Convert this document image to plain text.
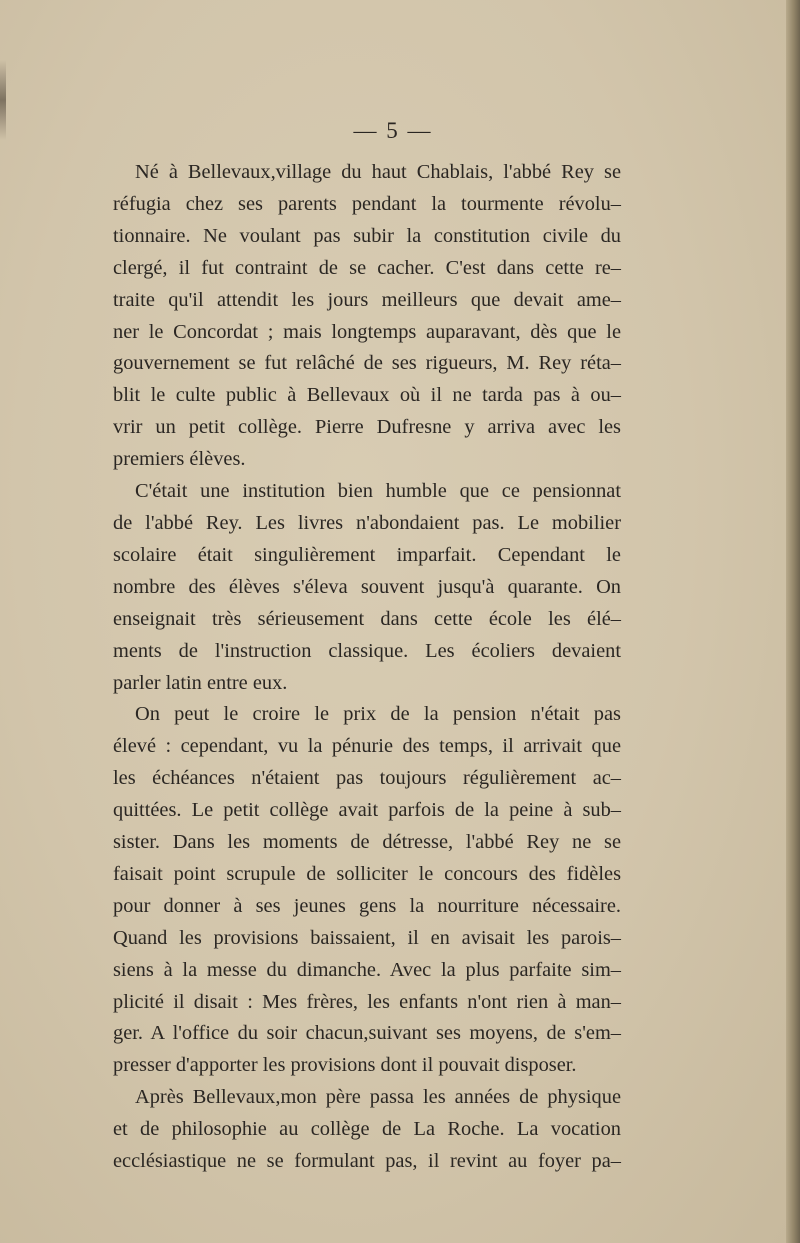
— 5 —
Né à Bellevaux,village du haut Chablais, l'abbé Rey se
réfugia chez ses parents pendant la tourmente révolu–
tionnaire. Ne voulant pas subir la constitution civile du
clergé, il fut contraint de se cacher. C'est dans cette re–
traite qu'il attendit les jours meilleurs que devait ame–
ner le Concordat ; mais longtemps auparavant, dès que le
gouvernement se fut relâché de ses rigueurs, M. Rey réta–
blit le culte public à Bellevaux où il ne tarda pas à ou–
vrir un petit collège. Pierre Dufresne y arriva avec les
premiers élèves.
C'était une institution bien humble que ce pensionnat
de l'abbé Rey. Les livres n'abondaient pas. Le mobilier
scolaire était singulièrement imparfait. Cependant le
nombre des élèves s'éleva souvent jusqu'à quarante. On
enseignait très sérieusement dans cette école les élé–
ments de l'instruction classique. Les écoliers devaient
parler latin entre eux.
On peut le croire le prix de la pension n'était pas
élevé : cependant, vu la pénurie des temps, il arrivait que
les échéances n'étaient pas toujours régulièrement ac–
quittées. Le petit collège avait parfois de la peine à sub–
sister. Dans les moments de détresse, l'abbé Rey ne se
faisait point scrupule de solliciter le concours des fidèles
pour donner à ses jeunes gens la nourriture nécessaire.
Quand les provisions baissaient, il en avisait les parois–
siens à la messe du dimanche. Avec la plus parfaite sim–
plicité il disait : Mes frères, les enfants n'ont rien à man–
ger. A l'office du soir chacun,suivant ses moyens, de s'em–
presser d'apporter les provisions dont il pouvait disposer.
Après Bellevaux,mon père passa les années de physique
et de philosophie au collège de La Roche. La vocation
ecclésiastique ne se formulant pas, il revint au foyer pa–
